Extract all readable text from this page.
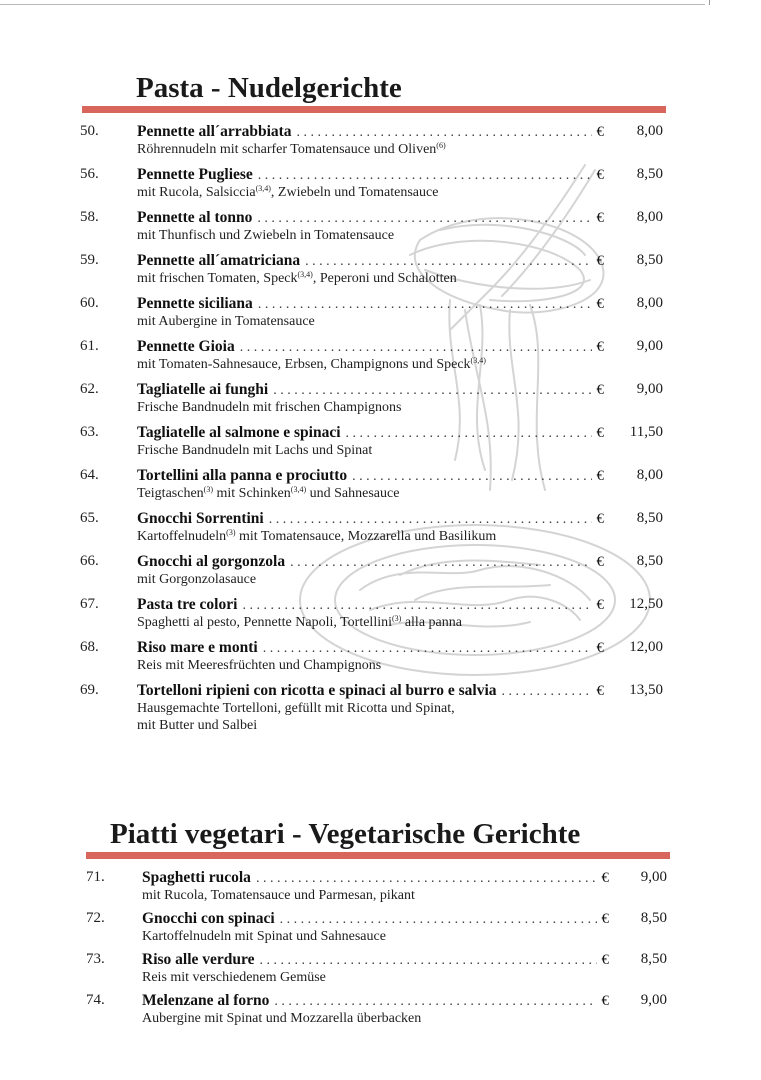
Pasta - Nudelgerichte
50. Pennette all´arrabbiata . . .	€	8,00
Röhrennudeln mit scharfer Tomatensauce und Oliven$^{(6)}$
56. Pennette Pugliese . . .	€	8,50
mit Rucola, Salsiccia$^{(3,4)}$, Zwiebeln und Tomatensauce
58. Pennette al tonno . . .	€	8,00
mit Thunfisch und Zwiebeln in Tomatensauce
59. Pennette all´amatriciana . . .	€	8,50
mit frischen Tomaten, Speck$^{(3,4)}$, Peperoni und Schalotten
60. Pennette siciliana . . .	€	8,00
mit Aubergine in Tomatensauce
61. Pennette Gioia . . .	€	9,00
mit Tomaten-Sahnesauce, Erbsen, Champignons und Speck$^{(3,4)}$
62. Tagliatelle ai funghi . . .	€	9,00
Frische Bandnudeln mit frischen Champignons
63. Tagliatelle al salmone e spinaci . . .	€	11,50
Frische Bandnudeln mit Lachs und Spinat
64. Tortellini alla panna e prociutto . . .	€	8,00
Teigtaschen$^{(3)}$ mit Schinken$^{(3,4)}$ und Sahnesauce
65. Gnocchi Sorrentini . . .	€	8,50
Kartoffelnudeln$^{(3)}$ mit Tomatensauce, Mozzarella und Basilikum
66. Gnocchi al gorgonzola . . .	€	8,50
mit Gorgonzolasauce
67. Pasta tre colori . . .	€	12,50
Spaghetti al pesto, Pennette Napoli, Tortellini$^{(3)}$ alla panna
68. Riso mare e monti . . .	€	12,00
Reis mit Meeresfrüchten und Champignons
69. Tortelloni ripieni con ricotta e spinaci al burro e salvia . . .	€	13,50
Hausgemachte Tortelloni, gefüllt mit Ricotta und Spinat,
mit Butter und Salbei
Piatti vegetari - Vegetarische Gerichte
71. Spaghetti rucola . . .	€	9,00
mit Rucola, Tomatensauce und Parmesan, pikant
72. Gnocchi con spinaci . . .	€	8,50
Kartoffelnudeln mit Spinat und Sahnesauce
73. Riso alle verdure . . .	€	8,50
Reis mit verschiedenem Gemüse
74. Melenzane al forno . . .	€	9,00
Aubergine mit Spinat und Mozzarella überbacken
